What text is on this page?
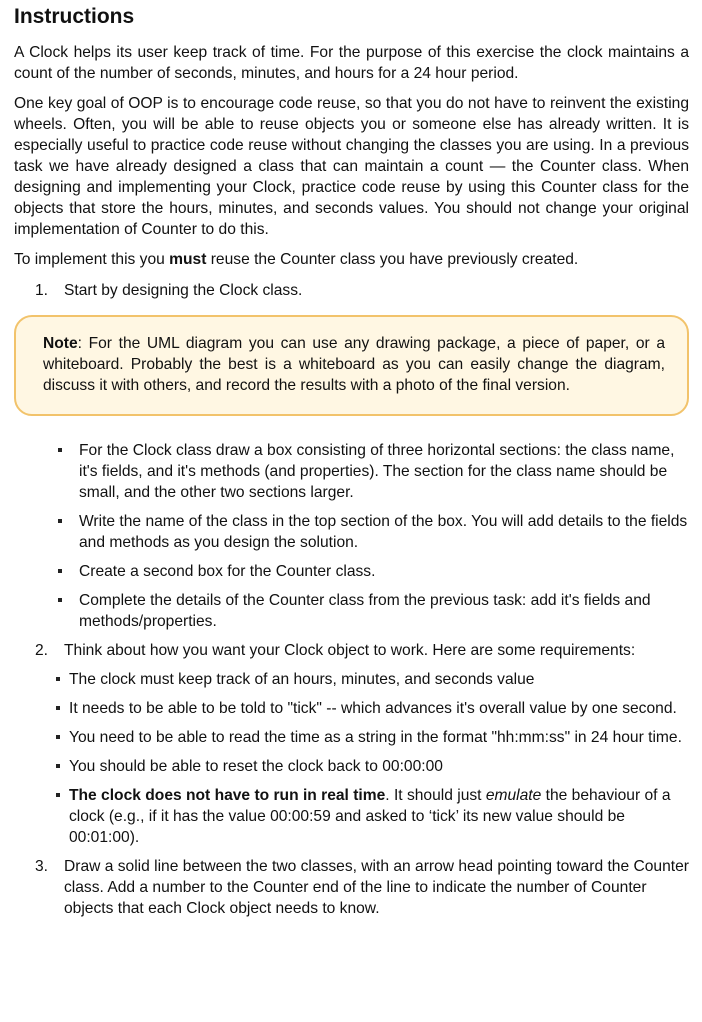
Instructions

A Clock helps its user keep track of time. For the purpose of this exercise the clock maintains a count of the number of seconds, minutes, and hours for a 24 hour period.

One key goal of OOP is to encourage code reuse, so that you do not have to reinvent the existing wheels. Often, you will be able to reuse objects you or someone else has already written. It is especially useful to practice code reuse without changing the classes you are using. In a previous task we have already designed a class that can maintain a count — the Counter class. When designing and implementing your Clock, practice code reuse by using this Counter class for the objects that store the hours, minutes, and seconds values. You should not change your original implementation of Counter to do this.

To implement this you must reuse the Counter class you have previously created.

1. Start by designing the Clock class.

Note: For the UML diagram you can use any drawing package, a piece of paper, or a whiteboard. Probably the best is a whiteboard as you can easily change the diagram, discuss it with others, and record the results with a photo of the final version.

For the Clock class draw a box consisting of three horizontal sections: the class name, it's fields, and it's methods (and properties). The section for the class name should be small, and the other two sections larger.
Write the name of the class in the top section of the box. You will add details to the fields and methods as you design the solution.
Create a second box for the Counter class.
Complete the details of the Counter class from the previous task: add it's fields and methods/properties.
2. Think about how you want your Clock object to work. Here are some requirements:
The clock must keep track of an hours, minutes, and seconds value
It needs to be able to be told to "tick" -- which advances it's overall value by one second.
You need to be able to read the time as a string in the format "hh:mm:ss" in 24 hour time.
You should be able to reset the clock back to 00:00:00
The clock does not have to run in real time. It should just emulate the behaviour of a clock (e.g., if it has the value 00:00:59 and asked to ‘tick’ its new value should be 00:01:00).
3. Draw a solid line between the two classes, with an arrow head pointing toward the Counter class. Add a number to the Counter end of the line to indicate the number of Counter objects that each Clock object needs to know.
